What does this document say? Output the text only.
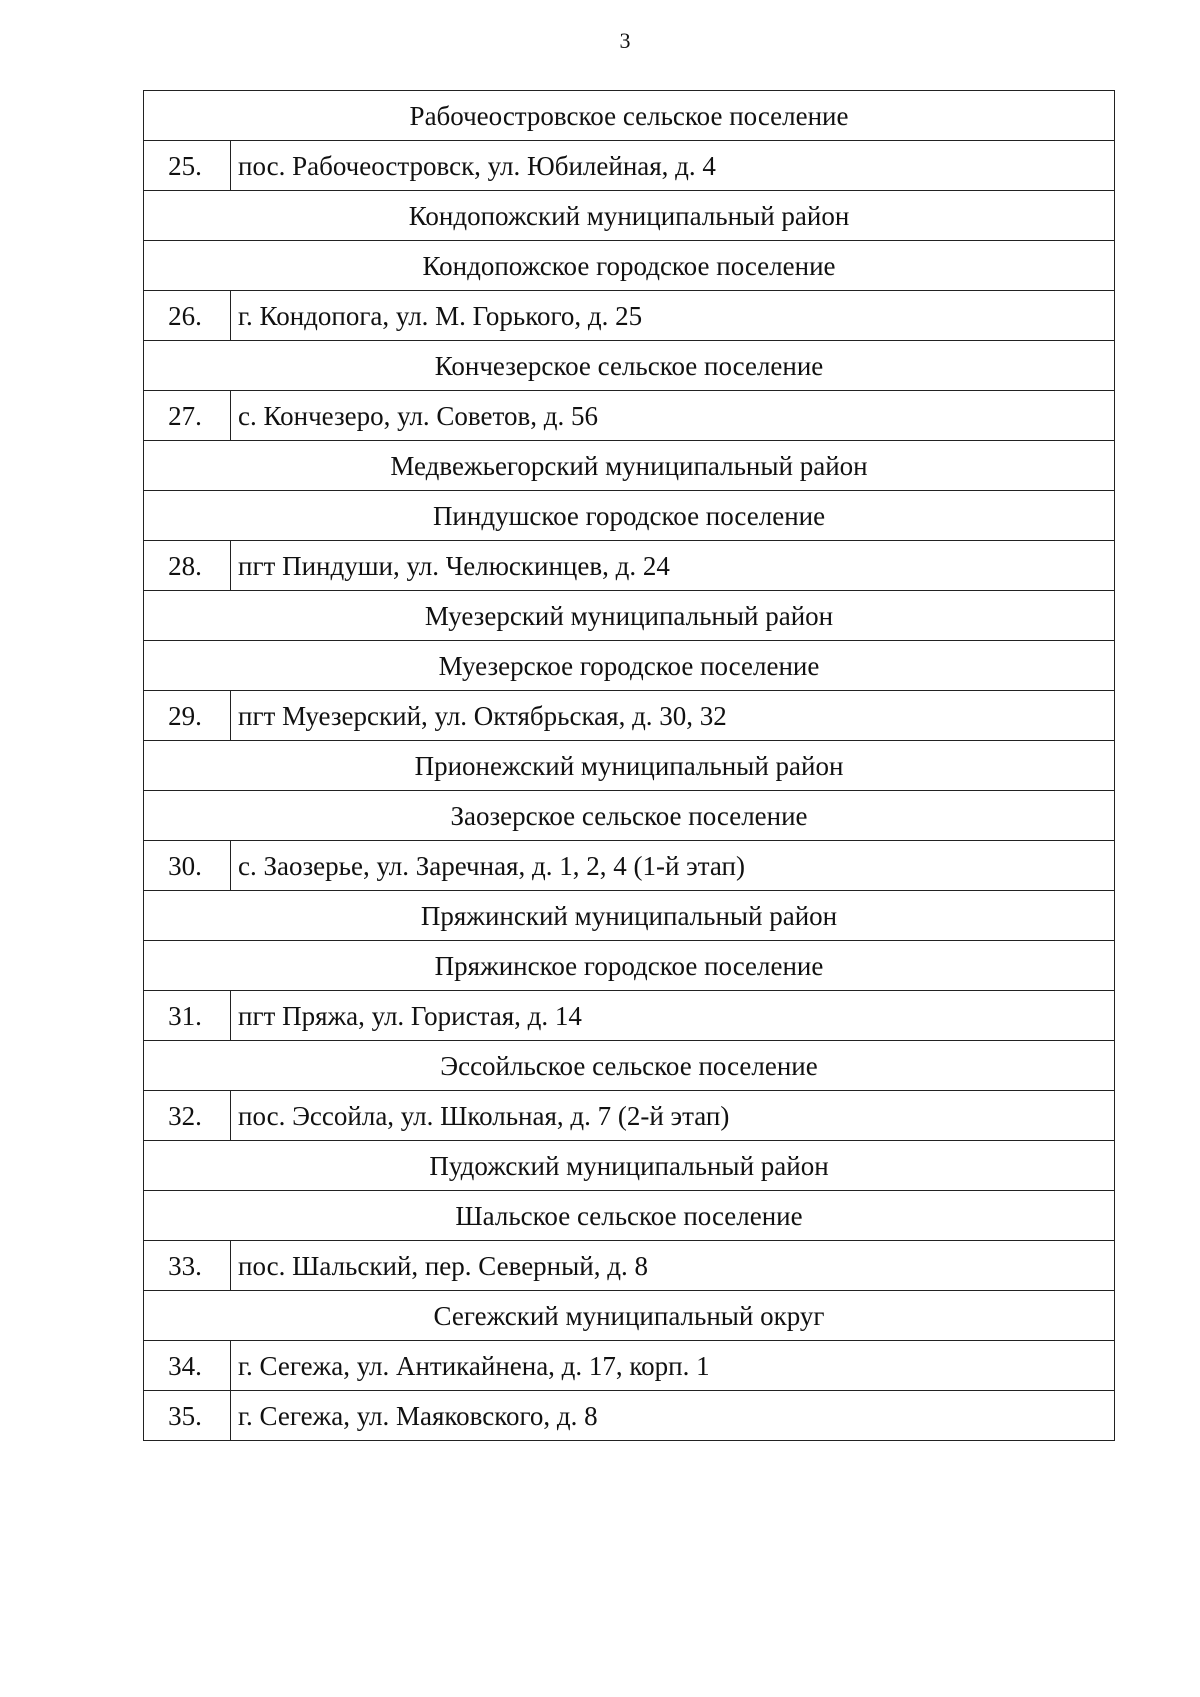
3
Рабочеостровское сельское поселение	
25.	пос. Рабочеостровск, ул. Юбилейная, д. 4
Кондопожский муниципальный район	
Кондопожское городское поселение	
26.	г. Кондопога, ул. М. Горького, д. 25
Кончезерское сельское поселение	
27.	с. Кончезеро, ул. Советов, д. 56
Медвежьегорский муниципальный район	
Пиндушское городское поселение	
28.	пгт Пиндуши, ул. Челюскинцев, д. 24
Муезерский муниципальный район	
Муезерское городское поселение	
29.	пгт Муезерский, ул. Октябрьская, д. 30, 32
Прионежский муниципальный район	
Заозерское сельское поселение	
30.	с. Заозерье, ул. Заречная, д. 1, 2, 4 (1-й этап)
Пряжинский муниципальный район	
Пряжинское городское поселение	
31.	пгт Пряжа, ул. Гористая, д. 14
Эссойльское сельское поселение	
32.	пос. Эссойла, ул. Школьная, д. 7 (2-й этап)
Пудожский муниципальный район	
Шальское сельское поселение	
33.	пос. Шальский, пер. Северный, д. 8
Сегежский муниципальный округ	
34.	г. Сегежа, ул. Антикайнена, д. 17, корп. 1
35.	г. Сегежа, ул. Маяковского, д. 8
